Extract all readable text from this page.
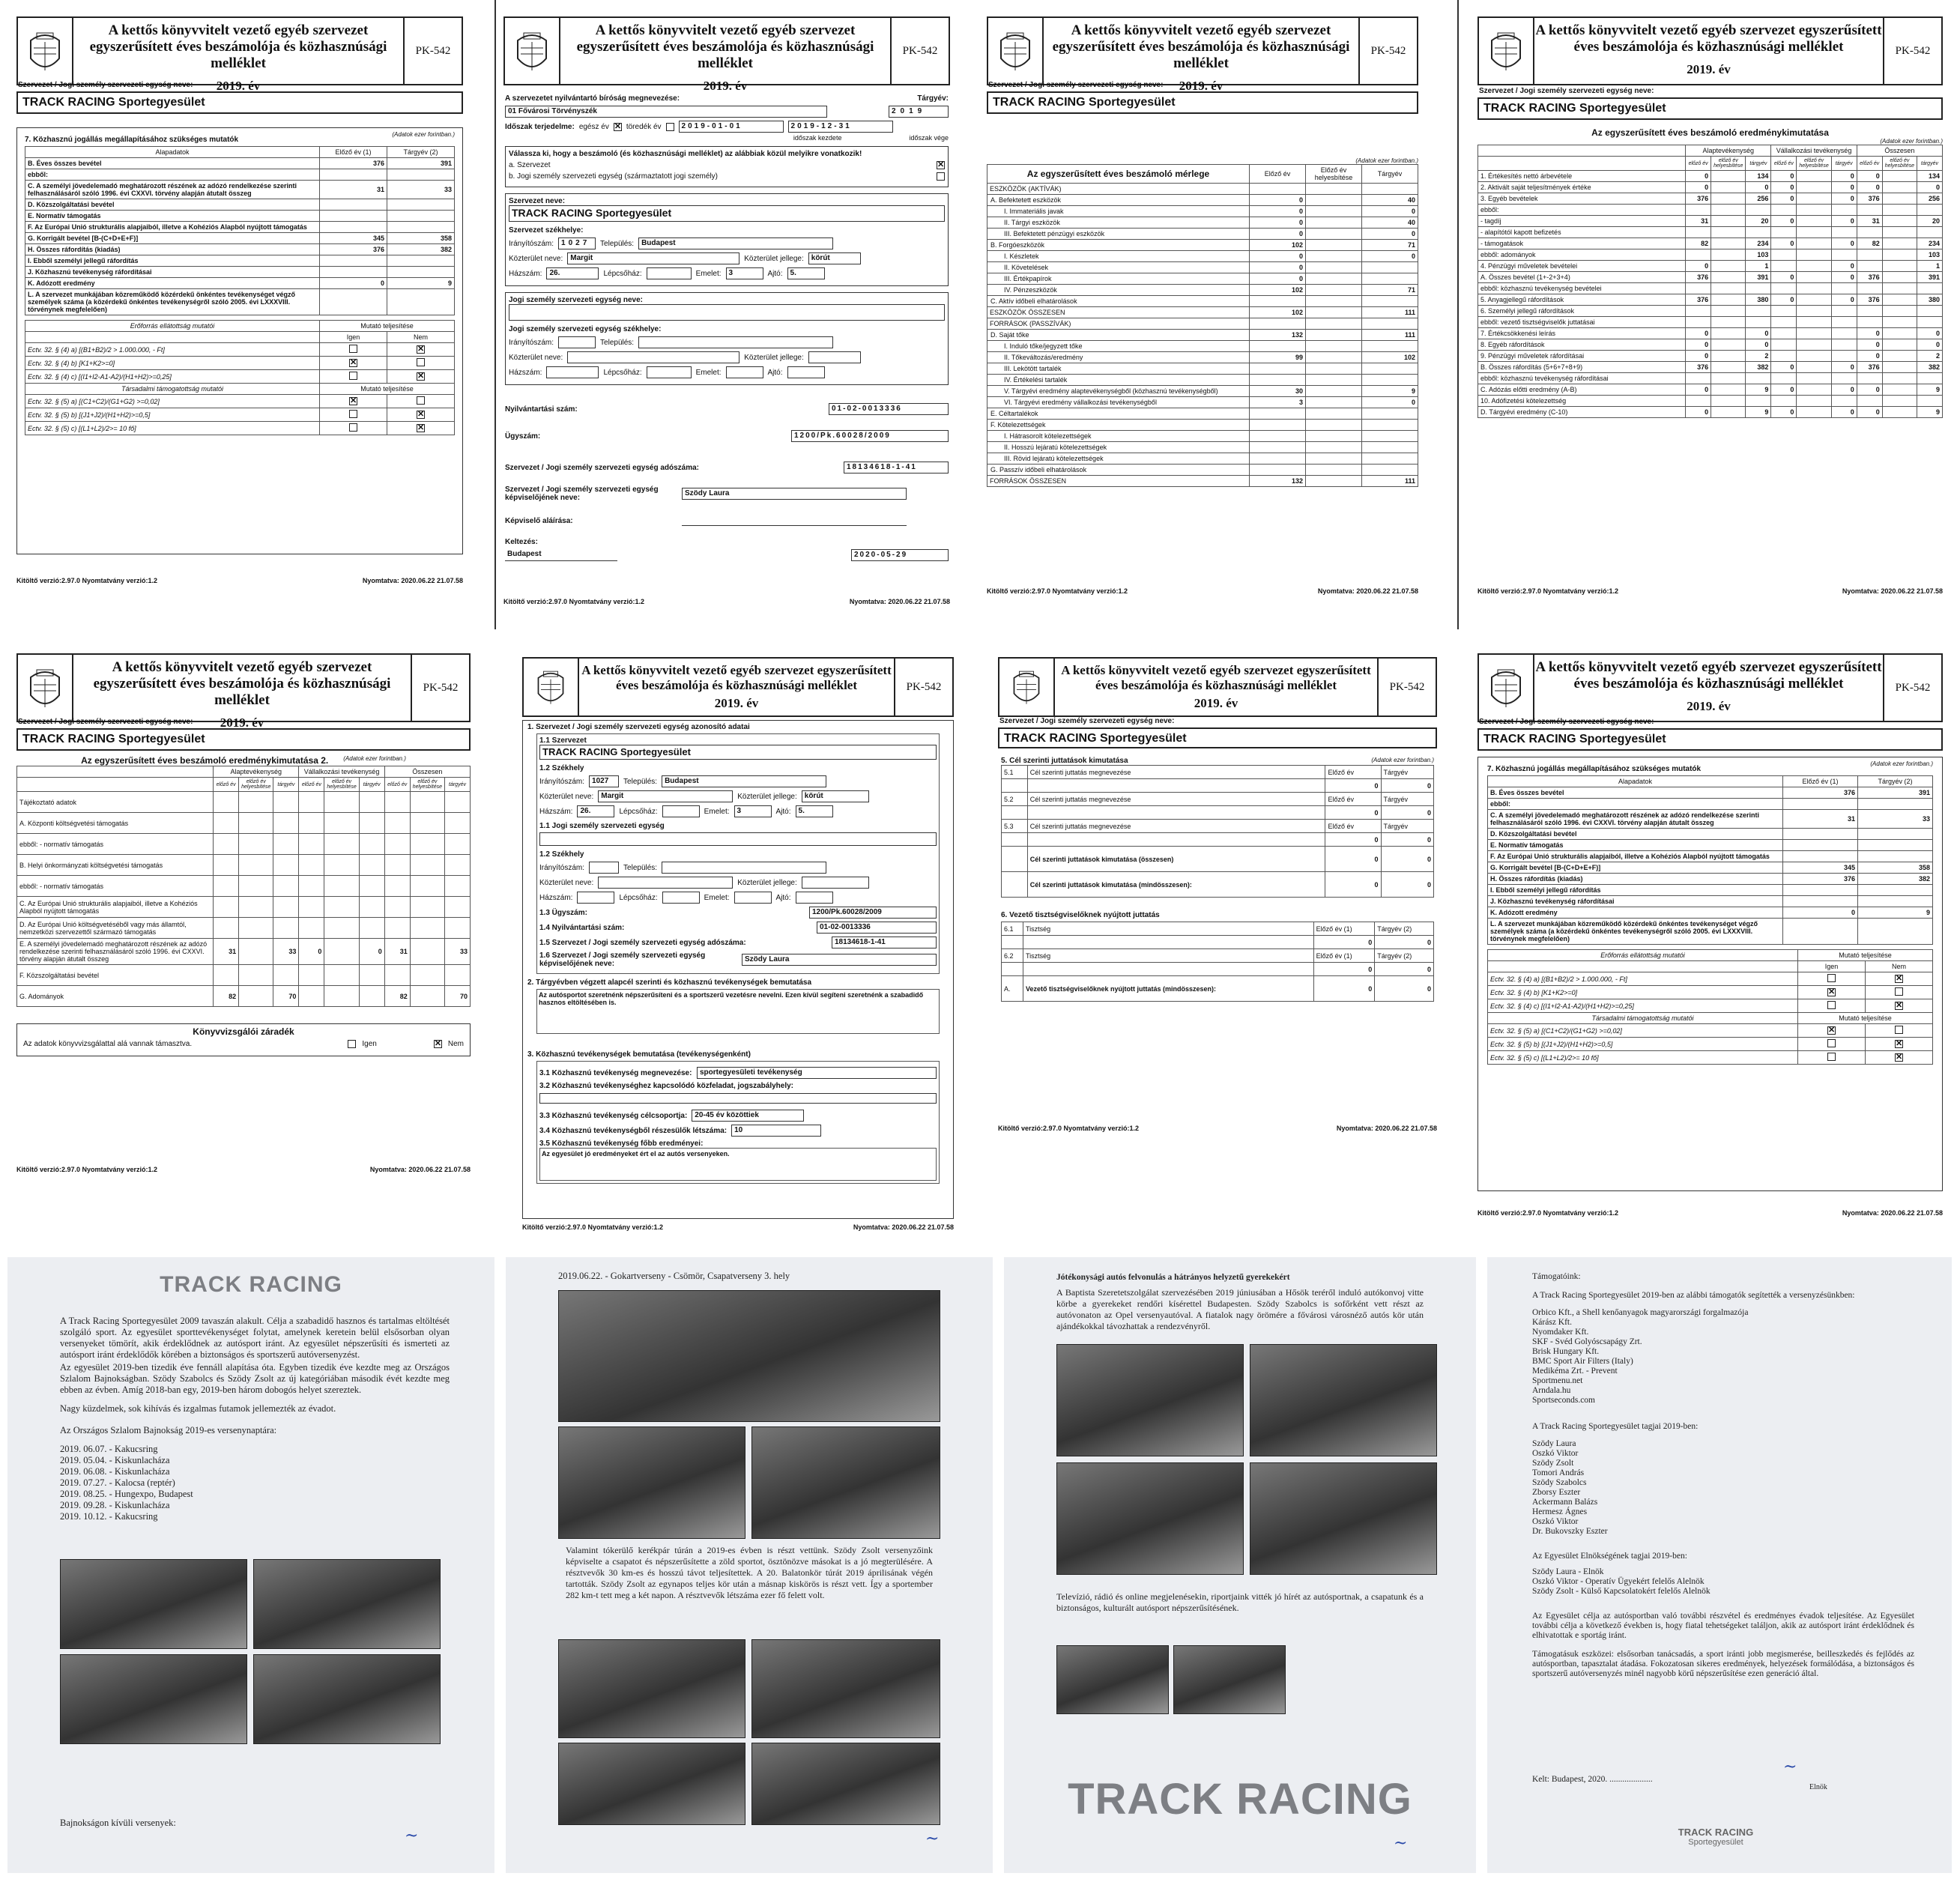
A kettős könyvvitelt vezető egyéb szervezet egyszerűsített éves beszámolója és közhasznúsági melléklet
2019. év
PK-542
Szervezet / Jogi személy szervezeti egység neve:
TRACK RACING Sportegyesület
7. Közhasznú jogállás megállapításához szükséges mutatók
(Adatok ezer forintban.)
Alapadatok	Előző év (1)	Tárgyév (2)
B. Éves összes bevétel	376	391
ebből:		
C. A személyi jövedelemadó meghatározott részének az adózó rendelkezése szerinti felhasználásáról szóló 1996. évi CXXVI. törvény alapján átutalt összeg	31	33
D. Közszolgáltatási bevétel		
E. Normatív támogatás		
F. Az Európai Unió strukturális alapjaiból, illetve a Kohéziós Alapból nyújtott támogatás		
G. Korrigált bevétel [B-(C+D+E+F)]	345	358
H. Összes ráfordítás (kiadás)	376	382
I. Ebből személyi jellegű ráfordítás		
J. Közhasznú tevékenység ráfordításai		
K. Adózott eredmény	0	9
L. A szervezet munkájában közreműködő közérdekű önkéntes tevékenységet végző személyek száma (a közérdekű önkéntes tevékenységről szóló 2005. évi LXXXVIII. törvénynek megfelelően)		
Erőforrás ellátottság mutatói	Mutató teljesítése	
	Igen	Nem
Ectv. 32. § (4) a) [(B1+B2)/2 > 1.000.000, - Ft]		✕
Ectv. 32. § (4) b) [K1+K2>=0]	✕	
Ectv. 32. § (4) c) [(I1+I2-A1-A2)/(H1+H2)>=0,25]		✕
Társadalmi támogatottság mutatói	Mutató teljesítése	
Ectv. 32. § (5) a) [(C1+C2)/(G1+G2) >=0,02]	✕	
Ectv. 32. § (5) b) [(J1+J2)/(H1+H2)>=0,5]		✕
Ectv. 32. § (5) c) [(L1+L2)/2>= 10 fő]		✕
Kitöltő verzió:2.97.0 Nyomtatvány verzió:1.2	Nyomtatva: 2020.06.22 21.07.58
A kettős könyvvitelt vezető egyéb szervezet egyszerűsített éves beszámolója és közhasznúsági melléklet
2019. év
PK-542
A szervezetet nyilvántartó bíróság megnevezése:	Tárgyév:
01 Fővárosi Törvényszék	2019
Időszak terjedelme: egész év ✕ töredék év	2019-01-01	2019-12-31
időszak kezdete	időszak vége
Válassza ki, hogy a beszámoló (és közhasznúsági melléklet) az alábbiak közül melyikre vonatkozik!
a. Szervezet	✕
b. Jogi személy szervezeti egység (származtatott jogi személy)
Szervezet neve:
TRACK RACING Sportegyesület
Szervezet székhelye:
Irányítószám:	1027	Település:	Budapest
Közterület neve:	Margit	Közterület jellege:	körút
Házszám:	26.	Lépcsőház:	Emelet:	3	Ajtó:	5.
Jogi személy szervezeti egység neve:
Jogi személy szervezeti egység székhelye:
Irányítószám:	Település:
Közterület neve:	Közterület jellege:
Házszám:	Lépcsőház:	Emelet:	Ajtó:
Nyilvántartási szám:	01-02-0013336
Ügyszám:	1200/Pk.60028/2009
Szervezet / Jogi személy szervezeti egység adószáma:	18134618-1-41
Szervezet / Jogi személy szervezeti egység képviselőjének neve:
Szödy Laura
Képviselő aláírása:
Keltezés:
Budapest	2020-05-29
Kitöltő verzió:2.97.0 Nyomtatvány verzió:1.2	Nyomtatva: 2020.06.22 21.07.58
A kettős könyvvitelt vezető egyéb szervezet egyszerűsített éves beszámolója és közhasznúsági melléklet
2019. év
PK-542
Szervezet / Jogi személy szervezeti egység neve:
TRACK RACING Sportegyesület
(Adatok ezer forintban.)
Az egyszerűsített éves beszámoló mérlege	Előző év	Előző év helyesbítése	Tárgyév
ESZKÖZÖK (AKTÍVÁK)			
A. Befektetett eszközök	0		40
I. Immateriális javak	0		0
II. Tárgyi eszközök	0		40
III. Befektetett pénzügyi eszközök	0		0
B. Forgóeszközök	102		71
I. Készletek	0		0
II. Követelések	0		
III. Értékpapírok	0		
IV. Pénzeszközök	102		71
C. Aktív időbeli elhatárolások			
ESZKÖZÖK ÖSSZESEN	102		111
FORRÁSOK (PASSZÍVÁK)			
D. Saját tőke	132		111
I. Induló tőke/jegyzett tőke			
II. Tőkeváltozás/eredmény	99		102
III. Lekötött tartalék			
IV. Értékelési tartalék			
V. Tárgyévi eredmény alaptevékenységből (közhasznú tevékenységből)	30		9
VI. Tárgyévi eredmény vállalkozási tevékenységből	3		0
E. Céltartalékok			
F. Kötelezettségek			
I. Hátrasorolt kötelezettségek			
II. Hosszú lejáratú kötelezettségek			
III. Rövid lejáratú kötelezettségek			
G. Passzív időbeli elhatárolások			
FORRÁSOK ÖSSZESEN	132		111
Kitöltő verzió:2.97.0 Nyomtatvány verzió:1.2	Nyomtatva: 2020.06.22 21.07.58
A kettős könyvvitelt vezető egyéb szervezet egyszerűsített éves beszámolója és közhasznúsági melléklet
2019. év
PK-542
Szervezet / Jogi személy szervezeti egység neve:
TRACK RACING Sportegyesület
Az egyszerűsített éves beszámoló eredménykimutatása
(Adatok ezer forintban.)
	Alaptevékenység			Vállalkozási tevékenység			Összesen		
	előző év	előző év helyesbítése	tárgyév	előző év	előző év helyesbítése	tárgyév	előző év	előző év helyesbítése	tárgyév
1. Értékesítés nettó árbevétele	0		134	0		0	0		134
2. Aktivált saját teljesítmények értéke	0		0	0		0	0		0
3. Egyéb bevételek	376		256	0		0	376		256
ebből:									
- tagdíj	31		20	0		0	31		20
- alapítótól kapott befizetés									
- támogatások	82		234	0		0	82		234
ebből: adományok			103						103
4. Pénzügyi műveletek bevételei	0		1			0			1
A. Összes bevétel (1+-2+3+4)	376		391	0		0	376		391
ebből: közhasznú tevékenység bevételei									
5. Anyagjellegű ráfordítások	376		380	0		0	376		380
6. Személyi jellegű ráfordítások									
ebből: vezető tisztségviselők juttatásai									
7. Értékcsökkenési leírás	0		0				0		0
8. Egyéb ráfordítások	0		0				0		0
9. Pénzügyi műveletek ráfordításai	0		2				0		2
B. Összes ráfordítás (5+6+7+8+9)	376		382	0		0	376		382
ebből: közhasznú tevékenység ráfordításai									
C. Adózás előtti eredmény (A-B)	0		9	0		0	0		9
10. Adófizetési kötelezettség									
D. Tárgyévi eredmény (C-10)	0		9	0		0	0		9
Kitöltő verzió:2.97.0 Nyomtatvány verzió:1.2	Nyomtatva: 2020.06.22 21.07.58
A kettős könyvvitelt vezető egyéb szervezet egyszerűsített éves beszámolója és közhasznúsági melléklet
2019. év
PK-542
Szervezet / Jogi személy szervezeti egység neve:
TRACK RACING Sportegyesület
Az egyszerűsített éves beszámoló eredménykimutatása 2.	(Adatok ezer forintban.)
	Alaptevékenység			Vállalkozási tevékenység			Összesen		
	előző év	előző év helyesbítése	tárgyév	előző év	előző év helyesbítése	tárgyév	előző év	előző év helyesbítése	tárgyév
Tájékoztató adatok									
A. Központi költségvetési támogatás									
ebből: - normatív támogatás									
B. Helyi önkormányzati költségvetési támogatás									
ebből: - normatív támogatás									
C. Az Európai Unió strukturális alapjaiból, illetve a Kohéziós Alapból nyújtott támogatás									
D. Az Európai Unió költségvetéséből vagy más államtól, nemzetközi szervezettől származó támogatás									
E. A személyi jövedelemadó meghatározott részének az adózó rendelkezése szerinti felhasználásáról szóló 1996. évi CXXVI. törvény alapján átutalt összeg	31		33	0		0	31		33
F. Közszolgáltatási bevétel									
G. Adományok	82		70				82		70
Könyvvizsgálói záradék
Az adatok könyvvizsgálattal alá vannak támasztva.	Igen	✕ Nem
Kitöltő verzió:2.97.0 Nyomtatvány verzió:1.2	Nyomtatva: 2020.06.22 21.07.58
A kettős könyvvitelt vezető egyéb szervezet egyszerűsített éves beszámolója és közhasznúsági melléklet
2019. év
PK-542
1. Szervezet / Jogi személy szervezeti egység azonosító adatai
1.1 Szervezet
TRACK RACING Sportegyesület
1.2 Székhely
Irányítószám:	1027	Település:	Budapest
Közterület neve:	Margit	Közterület jellege:	körút
Házszám:	26.	Lépcsőház:	Emelet:	3	Ajtó:	5.
1.1 Jogi személy szervezeti egység
1.2 Székhely
Irányítószám:	Település:
Közterület neve:	Közterület jellege:
Házszám:	Lépcsőház:	Emelet:	Ajtó:
1.3 Ügyszám:	1200/Pk.60028/2009
1.4 Nyilvántartási szám:	01-02-0013336
1.5 Szervezet / Jogi személy szervezeti egység adószáma:	18134618-1-41
1.6 Szervezet / Jogi személy szervezeti egység képviselőjének neve:
Szödy Laura
2. Tárgyévben végzett alapcél szerinti és közhasznú tevékenységek bemutatása
Az autósportot szeretnénk népszerűsíteni és a sportszerű vezetésre nevelni. Ezen kívül segíteni szeretnénk a szabadidő hasznos eltöltésében is.
3. Közhasznú tevékenységek bemutatása (tevékenységenként)
3.1 Közhasznú tevékenység megnevezése:	sportegyesületi tevékenység
3.2 Közhasznú tevékenységhez kapcsolódó közfeladat, jogszabályhely:
3.3 Közhasznú tevékenység célcsoportja:	20-45 év közöttiek
3.4 Közhasznú tevékenységből részesülők létszáma:	10
3.5 Közhasznú tevékenység főbb eredményei:
Az egyesület jó eredményeket ért el az autós versenyeken.
Kitöltő verzió:2.97.0 Nyomtatvány verzió:1.2	Nyomtatva: 2020.06.22 21.07.58
A kettős könyvvitelt vezető egyéb szervezet egyszerűsített éves beszámolója és közhasznúsági melléklet
2019. év
PK-542
Szervezet / Jogi személy szervezeti egység neve:
TRACK RACING Sportegyesület
5. Cél szerinti juttatások kimutatása	(Adatok ezer forintban.)
5.1	Cél szerinti juttatás megnevezése	Előző év	Tárgyév
		0	0
5.2	Cél szerinti juttatás megnevezése	Előző év	Tárgyév
		0	0
5.3	Cél szerinti juttatás megnevezése	Előző év	Tárgyév
		0	0
	Cél szerinti juttatások kimutatása (összesen)	0	0
	Cél szerinti juttatások kimutatása (mindösszesen):	0	0
6. Vezető tisztségviselőknek nyújtott juttatás
6.1	Tisztség	Előző év (1)	Tárgyév (2)
		0	0
6.2	Tisztség	Előző év (1)	Tárgyév (2)
		0	0
A.	Vezető tisztségviselőknek nyújtott juttatás (mindösszesen):	0	0
Kitöltő verzió:2.97.0 Nyomtatvány verzió:1.2	Nyomtatva: 2020.06.22 21.07.58
A kettős könyvvitelt vezető egyéb szervezet egyszerűsített éves beszámolója és közhasznúsági melléklet
2019. év
PK-542
Szervezet / Jogi személy szervezeti egység neve:
TRACK RACING Sportegyesület
7. Közhasznú jogállás megállapításához szükséges mutatók
(Adatok ezer forintban.)
Alapadatok	Előző év (1)	Tárgyév (2)
B. Éves összes bevétel	376	391
ebből:		
C. A személyi jövedelemadó meghatározott részének az adózó rendelkezése szerinti felhasználásáról szóló 1996. évi CXXVI. törvény alapján átutalt összeg	31	33
D. Közszolgáltatási bevétel		
E. Normatív támogatás		
F. Az Európai Unió strukturális alapjaiból, illetve a Kohéziós Alapból nyújtott támogatás		
G. Korrigált bevétel [B-(C+D+E+F)]	345	358
H. Összes ráfordítás (kiadás)	376	382
I. Ebből személyi jellegű ráfordítás		
J. Közhasznú tevékenység ráfordításai		
K. Adózott eredmény	0	9
L. A szervezet munkájában közreműködő közérdekű önkéntes tevékenységet végző személyek száma (a közérdekű önkéntes tevékenységről szóló 2005. évi LXXXVIII. törvénynek megfelelően)		
Erőforrás ellátottság mutatói	Mutató teljesítése	
	Igen	Nem
Ectv. 32. § (4) a) [(B1+B2)/2 > 1.000.000, - Ft]		✕
Ectv. 32. § (4) b) [K1+K2>=0]	✕	
Ectv. 32. § (4) c) [(I1+I2-A1-A2)/(H1+H2)>=0,25]		✕
Társadalmi támogatottság mutatói	Mutató teljesítése	
Ectv. 32. § (5) a) [(C1+C2)/(G1+G2) >=0,02]	✕	
Ectv. 32. § (5) b) [(J1+J2)/(H1+H2)>=0,5]		✕
Ectv. 32. § (5) c) [(L1+L2)/2>= 10 fő]		✕
Kitöltő verzió:2.97.0 Nyomtatvány verzió:1.2	Nyomtatva: 2020.06.22 21.07.58
TRACK RACING

A Track Racing Sportegyesület 2009 tavaszán alakult. Célja a szabadidő hasznos és tartalmas eltöltését szolgáló sport. Az egyesület sporttevékenységet folytat, amelynek keretein belül elsősorban olyan versenyeket tömörít, akik érdeklődnek az autósport iránt. Az egyesület népszerűsíti és ismerteti az autósport iránt érdeklődők körében a biztonságos és sportszerű autóversenyzést.

Az egyesület 2019-ben tizedik éve fennáll alapítása óta. Egyben tizedik éve kezdte meg az Országos Szlalom Bajnokságban. Szödy Szabolcs és Szödy Zsolt az új kategóriában második évét kezdte meg ebben az évben. Amíg 2018-ban egy, 2019-ben három dobogós helyet szereztek.

Nagy küzdelmek, sok kihívás és izgalmas futamok jellemezték az évadot.

Az Országos Szlalom Bajnokság 2019-es versenynaptára:

2019. 06.07. - Kakucsring
2019. 05.04. - Kiskunlacháza
2019. 06.08. - Kiskunlacháza
2019. 07.27. - Kalocsa (reptér)
2019. 08.25. - Hungexpo, Budapest
2019. 09.28. - Kiskunlacháza
2019. 10.12. - Kakucsring
Bajnokságon kívüli versenyek:
~
2019.06.22. - Gokartverseny - Csömör, Csapatverseny 3. hely
Valamint tókerülő kerékpár túrán a 2019-es évben is részt vettünk. Szödy Zsolt versenyzőink képviselte a csapatot és népszerűsítette a zöld sportot, ösztönözve másokat is a jó megterülésére. A résztvevők 30 km-es és hosszú távot teljesítettek. A 20. Balatonkör túrát 2019 áprilisának végén tartották. Szödy Zsolt az egynapos teljes kör után a másnap kiskörös is részt vett. Így a sportember 282 km-t tett meg a két napon. A résztvevők létszáma ezer fő felett volt.
~
Jótékonysági autós felvonulás a hátrányos helyzetű gyerekekért
A Baptista Szeretetszolgálat szervezésében 2019 júniusában a Hősök teréről induló autókonvoj vitte körbe a gyerekeket rendőri kísérettel Budapesten. Szödy Szabolcs is sofőrként vett részt az autóvonaton az Opel versenyautóval. A fiatalok nagy örömére a fővárosi városnéző autós kör után ajándékokkal távozhattak a rendezvényről.
Televízió, rádió és online megjelenésekin, riportjaink vitték jó hírét az autósportnak, a csapatunk és a biztonságos, kulturált autósport népszerűsítésének.
TRACK RACING
~
Támogatóink:
A Track Racing Sportegyesület 2019-ben az alábbi támogatók segítették a versenyzésünkben:
Orbico Kft., a Shell kenőanyagok magyarországi forgalmazója
Kárász Kft.
Nyomdaker Kft.
SKF - Svéd Golyóscsapágy Zrt.
Brisk Hungary Kft.
BMC Sport Air Filters (Italy)
Medikéma Zrt. - Prevent
Sportmenu.net
Arndala.hu
Sportseconds.com
A Track Racing Sportegyesület tagjai 2019-ben:
Szödy Laura
Oszkó Viktor
Szödy Zsolt
Tomori András
Szödy Szabolcs
Zborsy Eszter
Ackermann Balázs
Hermesz Ágnes
Oszkó Viktor
Dr. Bukovszky Eszter
Az Egyesület Elnökségének tagjai 2019-ben:
Szödy Laura - Elnök
Oszkó Viktor - Operatív Ügyekért felelős Alelnök
Szödy Zsolt - Külső Kapcsolatokért felelős Alelnök
Az Egyesület célja az autósportban való további részvétel és eredményes évadok teljesítése. Az Egyesület további célja a következő években is, hogy fiatal tehetségeket találjon, akik az autósport iránt érdeklődnek és elhivatottak e sportág iránt.
Támogatásuk eszközei: elsősorban tanácsadás, a sport iránti jobb megismerése, beilleszkedés és fejlődés az autósportban, tapasztalat átadása. Fokozatosan sikeres eredmények, helyezések formálódása, a biztonságos és sportszerű autóversenyzés minél nagyobb körű népszerűsítése ezen generáció által.
Kelt: Budapest, 2020. ....................
~
Elnök
TRACK RACING
Sportegyesület
